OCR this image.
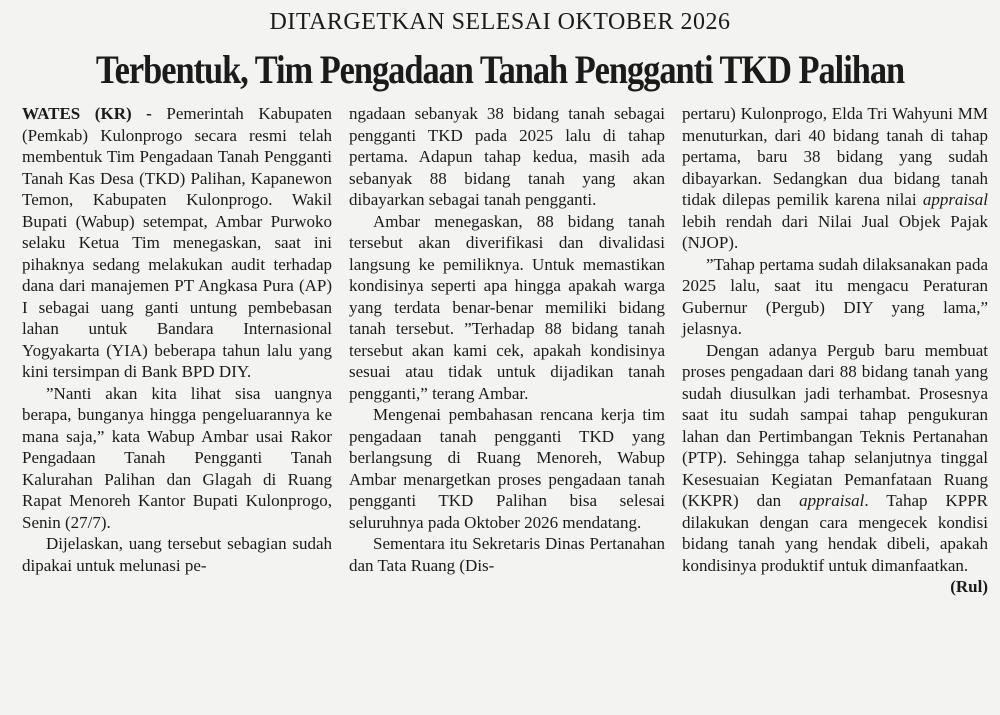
DITARGETKAN SELESAI OKTOBER 2026
Terbentuk, Tim Pengadaan Tanah Pengganti TKD Palihan

WATES (KR) - Pemerintah Kabupaten (Pemkab) Kulonprogo secara resmi telah membentuk Tim Pengadaan Tanah Pengganti Tanah Kas Desa (TKD) Palihan, Kapanewon Temon, Kabupaten Kulonprogo. Wakil Bupati (Wabup) setempat, Ambar Purwoko selaku Ketua Tim menegaskan, saat ini pihaknya sedang melakukan audit terhadap dana dari manajemen PT Angkasa Pura (AP) I sebagai uang ganti untung pembebasan lahan untuk Bandara Internasional Yogyakarta (YIA) beberapa tahun lalu yang kini tersimpan di Bank BPD DIY.

”Nanti akan kita lihat sisa uangnya berapa, bunganya hingga pengeluarannya ke mana saja,” kata Wabup Ambar usai Rakor Pengadaan Tanah Pengganti Tanah Kalurahan Palihan dan Glagah di Ruang Rapat Menoreh Kantor Bupati Kulonprogo, Senin (27/7).

Dijelaskan, uang tersebut sebagian sudah dipakai untuk melunasi pe-

ngadaan sebanyak 38 bidang tanah sebagai pengganti TKD pada 2025 lalu di tahap pertama. Adapun tahap kedua, masih ada sebanyak 88 bidang tanah yang akan dibayarkan sebagai tanah pengganti.

Ambar menegaskan, 88 bidang tanah tersebut akan diverifikasi dan divalidasi langsung ke pemiliknya. Untuk memastikan kondisinya seperti apa hingga apakah warga yang terdata benar-benar memiliki bidang tanah tersebut. ”Terhadap 88 bidang tanah tersebut akan kami cek, apakah kondisinya sesuai atau tidak untuk dijadikan tanah pengganti,” terang Ambar.

Mengenai pembahasan rencana kerja tim pengadaan tanah pengganti TKD yang berlangsung di Ruang Menoreh, Wabup Ambar menargetkan proses pengadaan tanah pengganti TKD Palihan bisa selesai seluruhnya pada Oktober 2026 mendatang.

Sementara itu Sekretaris Dinas Pertanahan dan Tata Ruang (Dis-

pertaru) Kulonprogo, Elda Tri Wahyuni MM menuturkan, dari 40 bidang tanah di tahap pertama, baru 38 bidang yang sudah dibayarkan. Sedangkan dua bidang tanah tidak dilepas pemilik karena nilai appraisal lebih rendah dari Nilai Jual Objek Pajak (NJOP).

”Tahap pertama sudah dilaksanakan pada 2025 lalu, saat itu mengacu Peraturan Gubernur (Pergub) DIY yang lama,” jelasnya.

Dengan adanya Pergub baru membuat proses pengadaan dari 88 bidang tanah yang sudah diusulkan jadi terhambat. Prosesnya saat itu sudah sampai tahap pengukuran lahan dan Pertimbangan Teknis Pertanahan (PTP). Sehingga tahap selanjutnya tinggal Kesesuaian Kegiatan Pemanfataan Ruang (KKPR) dan appraisal. Tahap KPPR dilakukan dengan cara mengecek kondisi bidang tanah yang hendak dibeli, apakah kondisinya produktif untuk dimanfaatkan.
(Rul)
